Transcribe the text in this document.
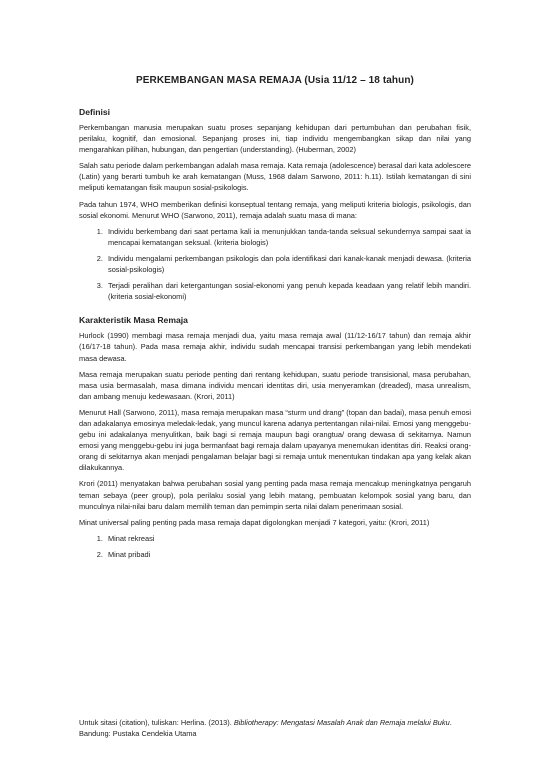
PERKEMBANGAN MASA REMAJA (Usia 11/12 – 18 tahun)
Definisi
Perkembangan manusia merupakan suatu proses sepanjang kehidupan dari pertumbuhan dan perubahan fisik, perilaku, kognitif, dan emosional. Sepanjang proses ini, tiap individu mengembangkan sikap dan nilai yang mengarahkan pilihan, hubungan, dan pengertian (understanding). (Huberman, 2002)
Salah satu periode dalam perkembangan adalah masa remaja. Kata remaja (adolescence) berasal dari kata adolescere (Latin) yang berarti tumbuh ke arah kematangan (Muss, 1968 dalam Sarwono, 2011: h.11). Istilah kematangan di sini meliputi kematangan fisik maupun sosial-psikologis.
Pada tahun 1974, WHO memberikan definisi konseptual tentang remaja, yang meliputi kriteria biologis, psikologis, dan sosial ekonomi. Menurut WHO (Sarwono, 2011), remaja adalah suatu masa di mana:
1. Individu berkembang dari saat pertama kali ia menunjukkan tanda-tanda seksual sekundernya sampai saat ia mencapai kematangan seksual. (kriteria biologis)
2. Individu mengalami perkembangan psikologis dan pola identifikasi dari kanak-kanak menjadi dewasa. (kriteria sosial-psikologis)
3. Terjadi peralihan dari ketergantungan sosial-ekonomi yang penuh kepada keadaan yang relatif lebih mandiri. (kriteria sosial-ekonomi)
Karakteristik Masa Remaja
Hurlock (1990) membagi masa remaja menjadi dua, yaitu masa remaja awal (11/12-16/17 tahun) dan remaja akhir (16/17-18 tahun). Pada masa remaja akhir, individu sudah mencapai transisi perkembangan yang lebih mendekati masa dewasa.
Masa remaja merupakan suatu periode penting dari rentang kehidupan, suatu periode transisional, masa perubahan, masa usia bermasalah, masa dimana individu mencari identitas diri, usia menyeramkan (dreaded), masa unrealism, dan ambang menuju kedewasaan. (Krori, 2011)
Menurut Hall (Sarwono, 2011), masa remaja merupakan masa “sturm und drang” (topan dan badai), masa penuh emosi dan adakalanya emosinya meledak-ledak, yang muncul karena adanya pertentangan nilai-nilai. Emosi yang menggebu-gebu ini adakalanya menyulitkan, baik bagi si remaja maupun bagi orangtua/ orang dewasa di sekitarnya. Namun emosi yang menggebu-gebu ini juga bermanfaat bagi remaja dalam upayanya menemukan identitas diri. Reaksi orang-orang di sekitarnya akan menjadi pengalaman belajar bagi si remaja untuk menentukan tindakan apa yang kelak akan dilakukannya.
Krori (2011) menyatakan bahwa perubahan sosial yang penting pada masa remaja mencakup meningkatnya pengaruh teman sebaya (peer group), pola perilaku sosial yang lebih matang, pembuatan kelompok sosial yang baru, dan munculnya nilai-nilai baru dalam memilih teman dan pemimpin serta nilai dalam penerimaan sosial.
Minat universal paling penting pada masa remaja dapat digolongkan menjadi 7 kategori, yaitu: (Krori, 2011)
1. Minat rekreasi
2. Minat pribadi
Untuk sitasi (citation), tuliskan: Herlina. (2013). Bibliotherapy: Mengatasi Masalah Anak dan Remaja melalui Buku. Bandung: Pustaka Cendekia Utama
